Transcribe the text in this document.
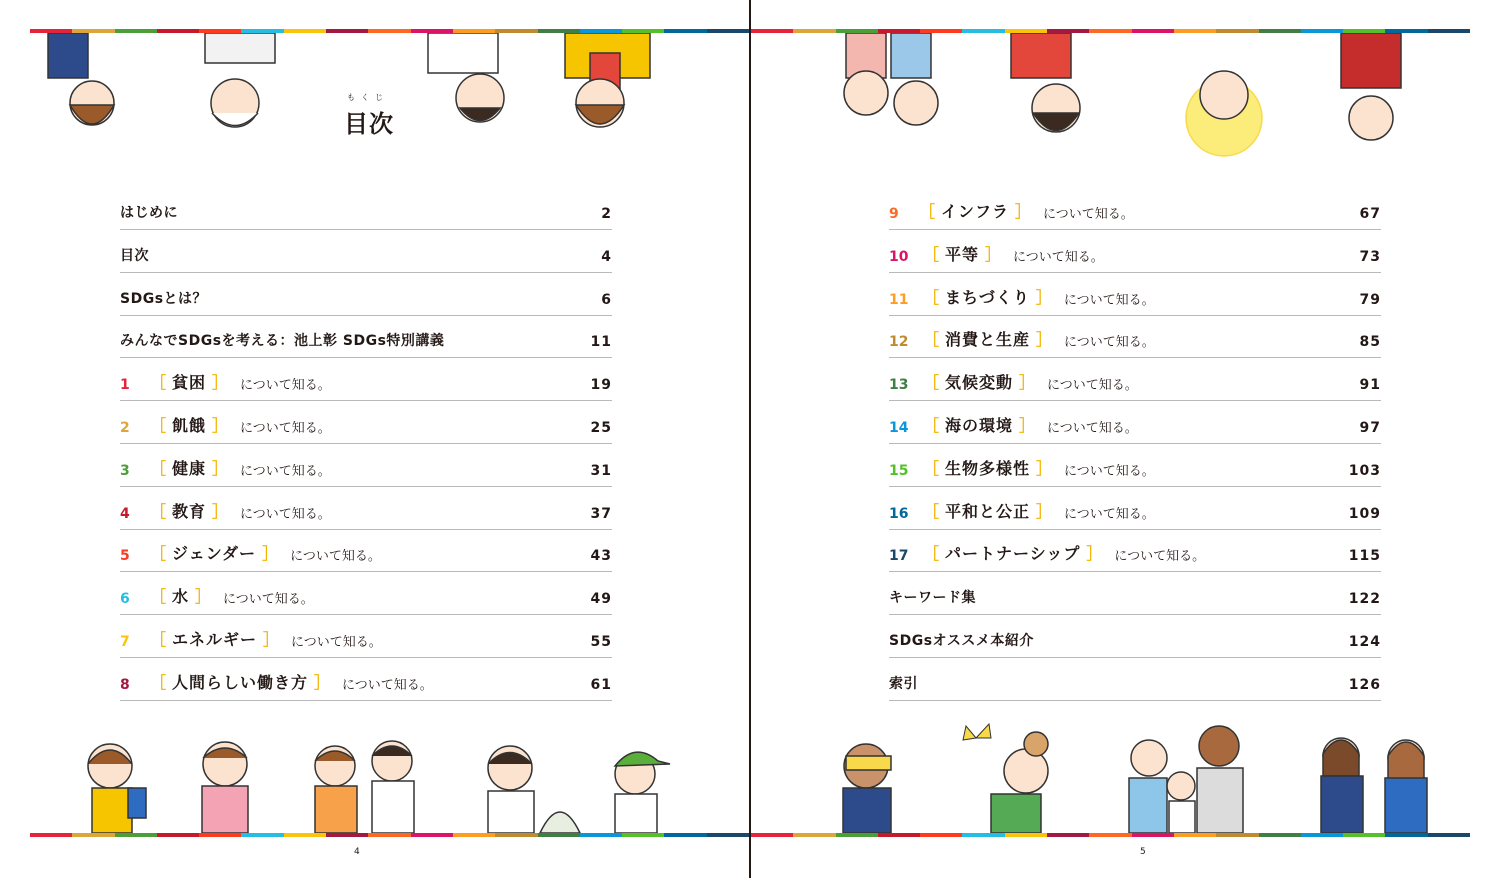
もくじ
目次
はじめに	2
目次	4
SDGsとは？	6
みんなでSDGsを考える：池上彰 SDGs特別講義	11
1	［ 貧困 ］ について知る。	19
2	［ 飢餓 ］ について知る。	25
3	［ 健康 ］ について知る。	31
4	［ 教育 ］ について知る。	37
5	［ ジェンダー ］ について知る。	43
6	［ 水 ］ について知る。	49
7	［ エネルギー ］ について知る。	55
8	［ 人間らしい働き方 ］ について知る。	61
4
9	［ インフラ ］ について知る。	67
10 ［ 平等 ］ について知る。	73
11 ［ まちづくり ］ について知る。	79
12 ［ 消費と生産 ］ について知る。	85
13 ［ 気候変動 ］ について知る。	91
14 ［ 海の環境 ］ について知る。	97
15 ［ 生物多様性 ］ について知る。	103
16 ［ 平和と公正 ］ について知る。	109
17 ［ パートナーシップ ］ について知る。	115
キーワード集	122
SDGsオススメ本紹介	124
索引	126
5
